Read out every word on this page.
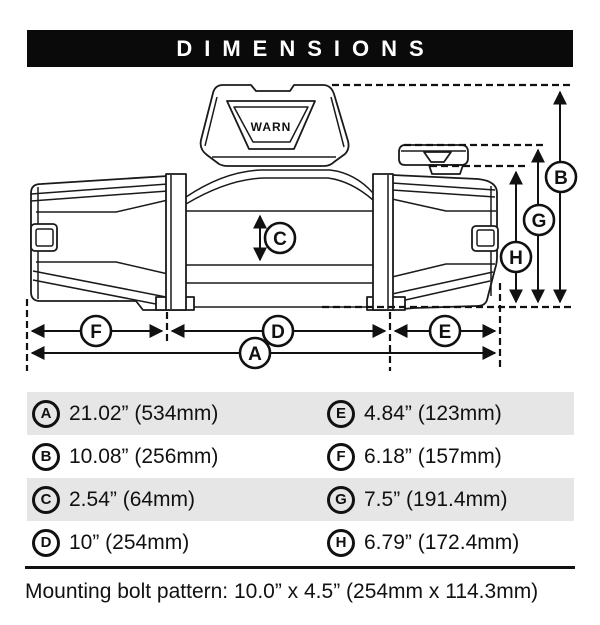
DIMENSIONS
WARN
B
G
H
C
F	D	E
A
A 21.02” (534mm)	E 4.84” (123mm)
B 10.08” (256mm)	F 6.18” (157mm)
C 2.54” (64mm)	G 7.5” (191.4mm)
D 10” (254mm)	H 6.79” (172.4mm)
Mounting bolt pattern: 10.0” x 4.5” (254mm x 114.3mm)
